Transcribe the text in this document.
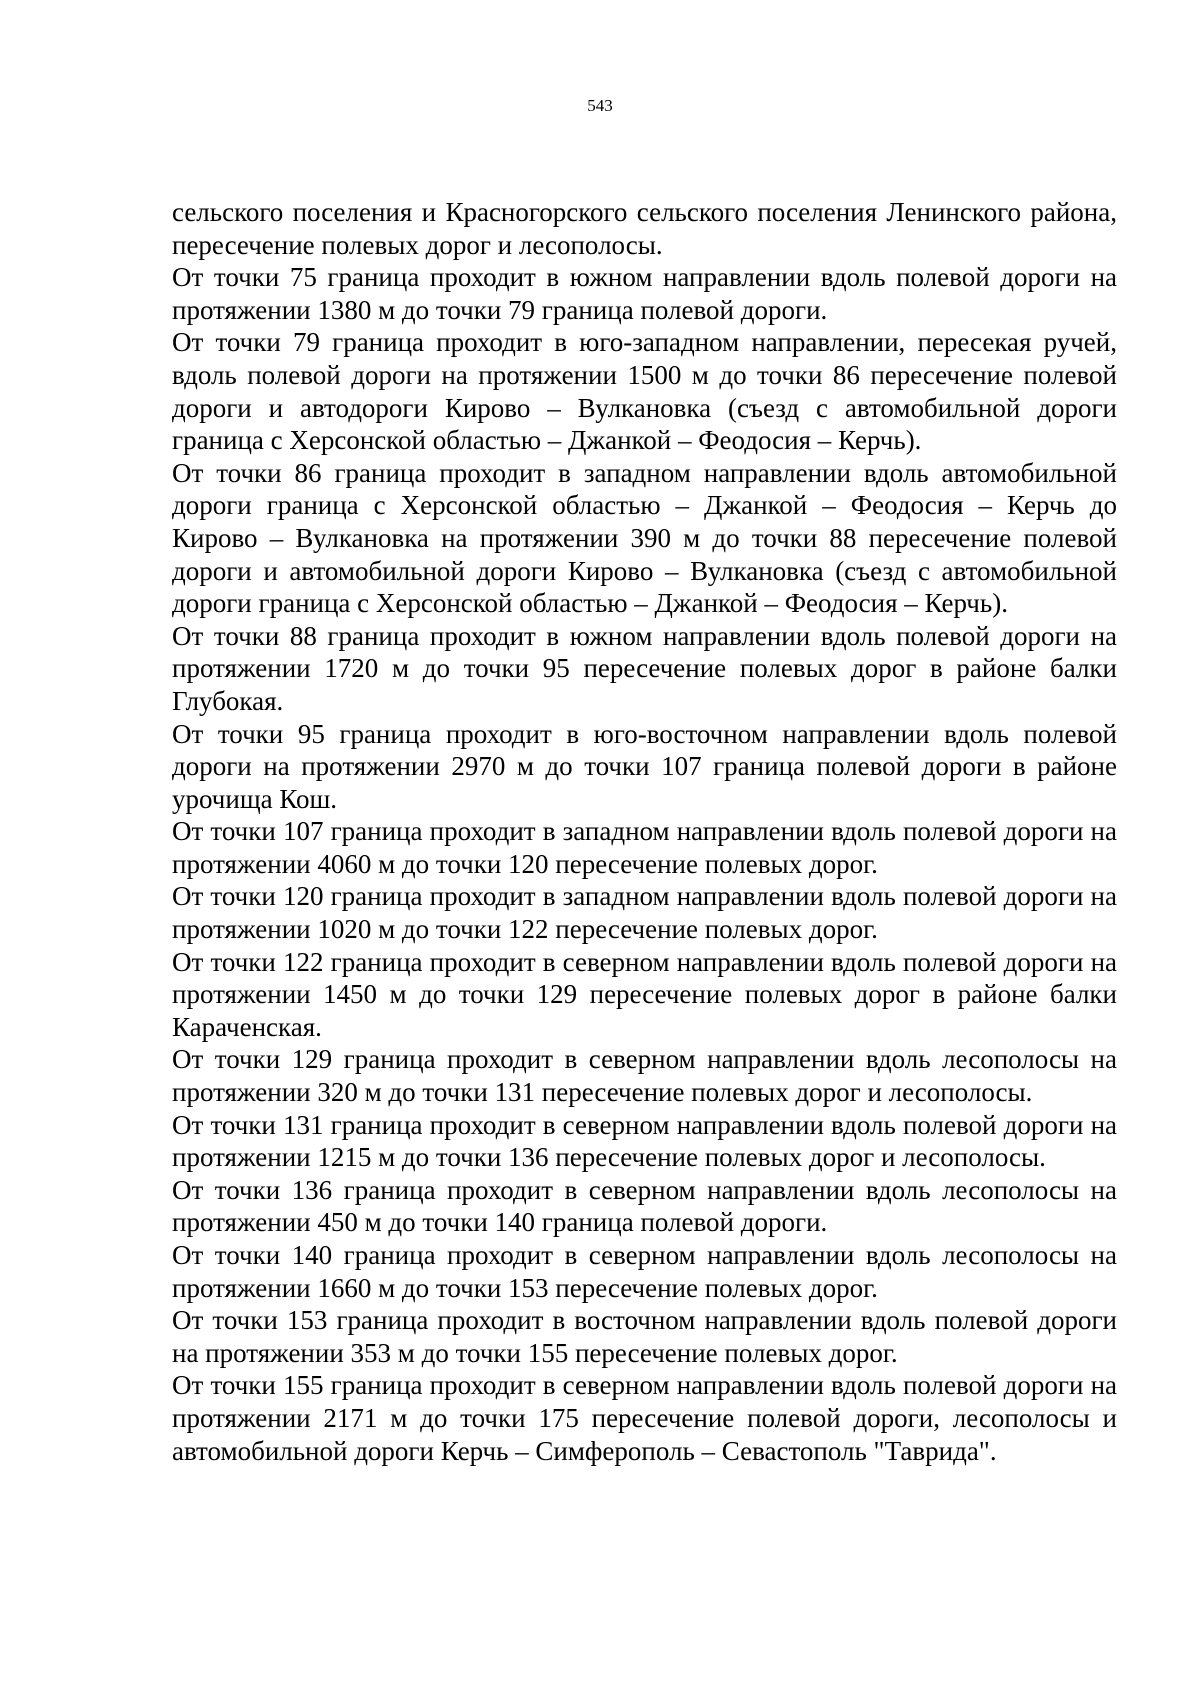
543

сельского поселения и Красногорского сельского поселения Ленинского района, пересечение полевых дорог и лесополосы.

От точки 75 граница проходит в южном направлении вдоль полевой дороги на протяжении 1380 м до точки 79 граница полевой дороги.

От точки 79 граница проходит в юго-западном направлении, пересекая ручей, вдоль полевой дороги на протяжении 1500 м до точки 86 пересечение полевой дороги и автодороги Кирово – Вулкановка (съезд с автомобильной дороги граница с Херсонской областью – Джанкой – Феодосия – Керчь).

От точки 86 граница проходит в западном направлении вдоль автомобильной дороги граница с Херсонской областью – Джанкой – Феодосия – Керчь до Кирово – Вулкановка на протяжении 390 м до точки 88 пересечение полевой дороги и автомобильной дороги Кирово – Вулкановка (съезд с автомобильной дороги граница с Херсонской областью – Джанкой – Феодосия – Керчь).

От точки 88 граница проходит в южном направлении вдоль полевой дороги на протяжении 1720 м до точки 95 пересечение полевых дорог в районе балки Глубокая.

От точки 95 граница проходит в юго-восточном направлении вдоль полевой дороги на протяжении 2970 м до точки 107 граница полевой дороги в районе урочища Кош.

От точки 107 граница проходит в западном направлении вдоль полевой дороги на протяжении 4060 м до точки 120 пересечение полевых дорог.

От точки 120 граница проходит в западном направлении вдоль полевой дороги на протяжении 1020 м до точки 122 пересечение полевых дорог.

От точки 122 граница проходит в северном направлении вдоль полевой дороги на протяжении 1450 м до точки 129 пересечение полевых дорог в районе балки Караченская.

От точки 129 граница проходит в северном направлении вдоль лесополосы на протяжении 320 м до точки 131 пересечение полевых дорог и лесополосы.

От точки 131 граница проходит в северном направлении вдоль полевой дороги на протяжении 1215 м до точки 136 пересечение полевых дорог и лесополосы.

От точки 136 граница проходит в северном направлении вдоль лесополосы на протяжении 450 м до точки 140 граница полевой дороги.

От точки 140 граница проходит в северном направлении вдоль лесополосы на протяжении 1660 м до точки 153 пересечение полевых дорог.

От точки 153 граница проходит в восточном направлении вдоль полевой дороги на протяжении 353 м до точки 155 пересечение полевых дорог.

От точки 155 граница проходит в северном направлении вдоль полевой дороги на протяжении 2171 м до точки 175 пересечение полевой дороги, лесополосы и автомобильной дороги Керчь – Симферополь – Севастополь "Таврида".
